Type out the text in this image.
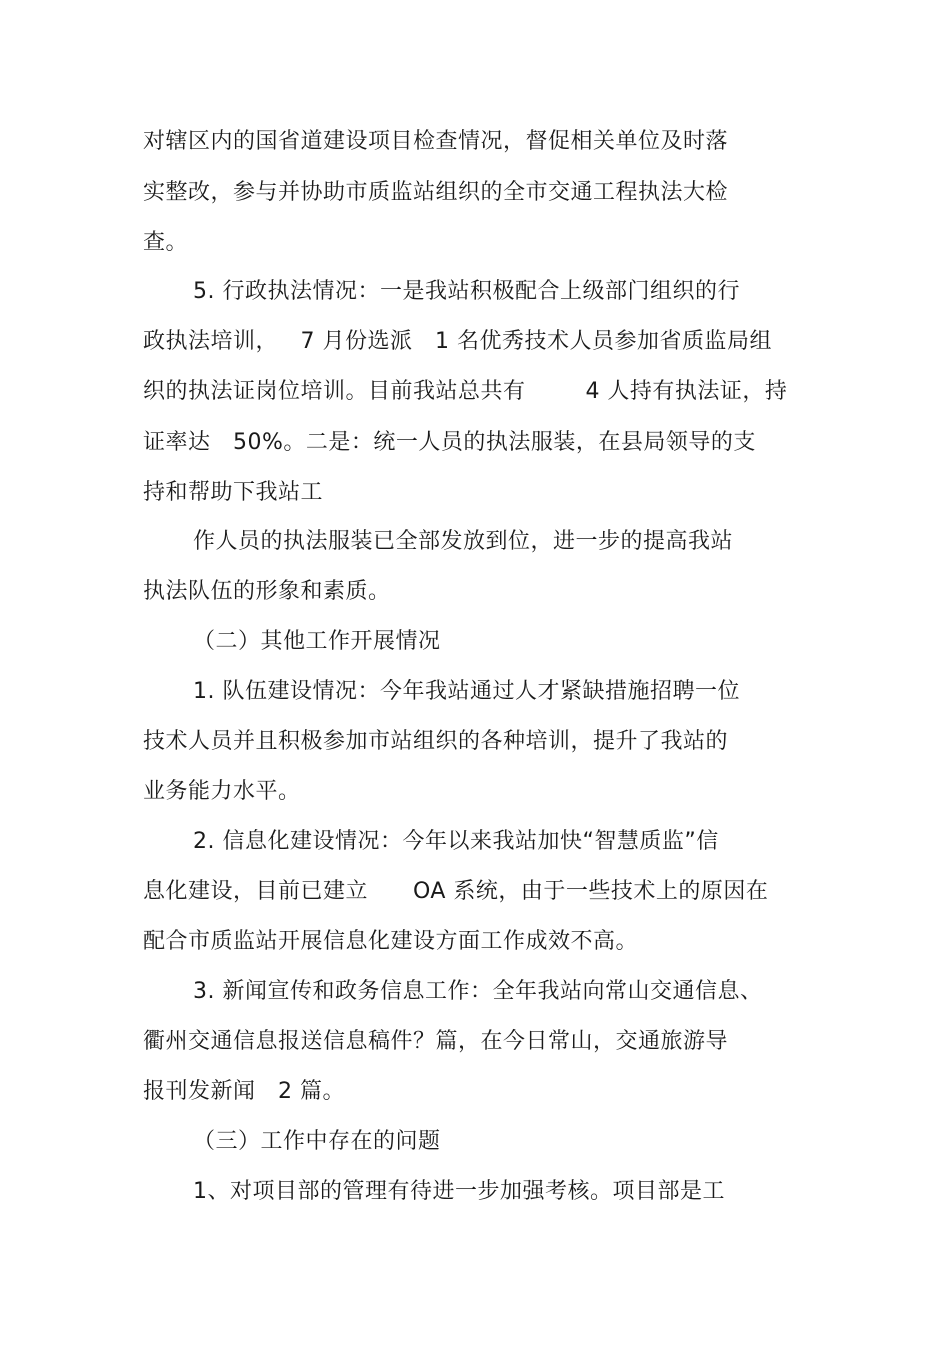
对辖区内的国省道建设项目检查情况，督促相关单位及时落
实整改，参与并协助市质监站组织的全市交通工程执法大检
查。
5. 行政执法情况：一是我站积极配合上级部门组织的行
政执法培训，   7 月份选派   1 名优秀技术人员参加省质监局组
织的执法证岗位培训。目前我站总共有        4 人持有执法证，持
证率达   50%。二是：统一人员的执法服装，在县局领导的支
持和帮助下我站工
作人员的执法服装已全部发放到位，进一步的提高我站
执法队伍的形象和素质。
（二）其他工作开展情况
1. 队伍建设情况：今年我站通过人才紧缺措施招聘一位
技术人员并且积极参加市站组织的各种培训，提升了我站的
业务能力水平。
2. 信息化建设情况：今年以来我站加快“智慧质监”信
息化建设，目前已建立      OA 系统，由于一些技术上的原因在
配合市质监站开展信息化建设方面工作成效不高。
3. 新闻宣传和政务信息工作：全年我站向常山交通信息、
衢州交通信息报送信息稿件？篇，在今日常山，交通旅游导
报刊发新闻   2 篇。
（三）工作中存在的问题
1、对项目部的管理有待进一步加强考核。项目部是工
